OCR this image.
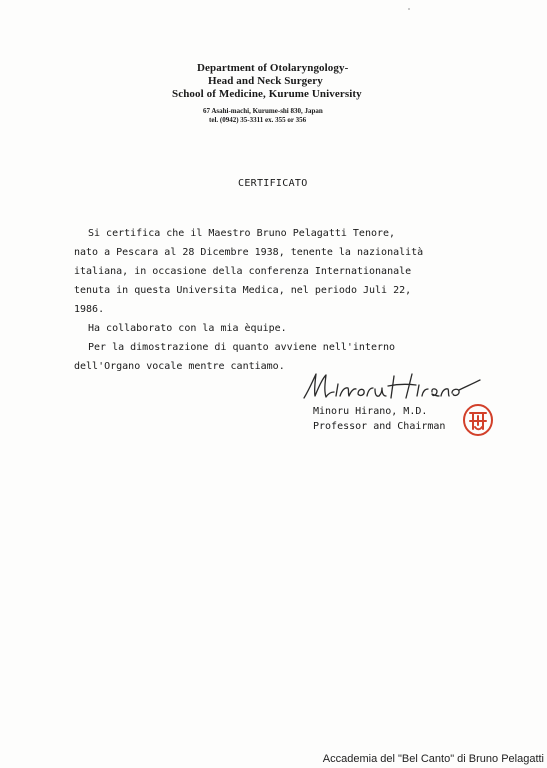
Department of Otolaryngology-
Head and Neck Surgery
School of Medicine, Kurume University
67 Asahi-machi, Kurume-shi 830, Japan
tel. (0942) 35-3311 ex. 355 or 356
CERTIFICATO

Si certifica che il Maestro Bruno Pelagatti Tenore,

nato a Pescara al 28 Dicembre 1938, tenente la nazionalità

italiana, in occasione della conferenza Internationanale

tenuta in questa Universita Medica, nel periodo Juli 22,

1986.

Ha collaborato con la mia èquipe.

Per la dimostrazione di quanto avviene nell'interno

dell'Organo vocale mentre cantiamo.

Minoru Hirano, M.D.
Professor and Chairman
Accademia del "Bel Canto" di Bruno Pelagatti
